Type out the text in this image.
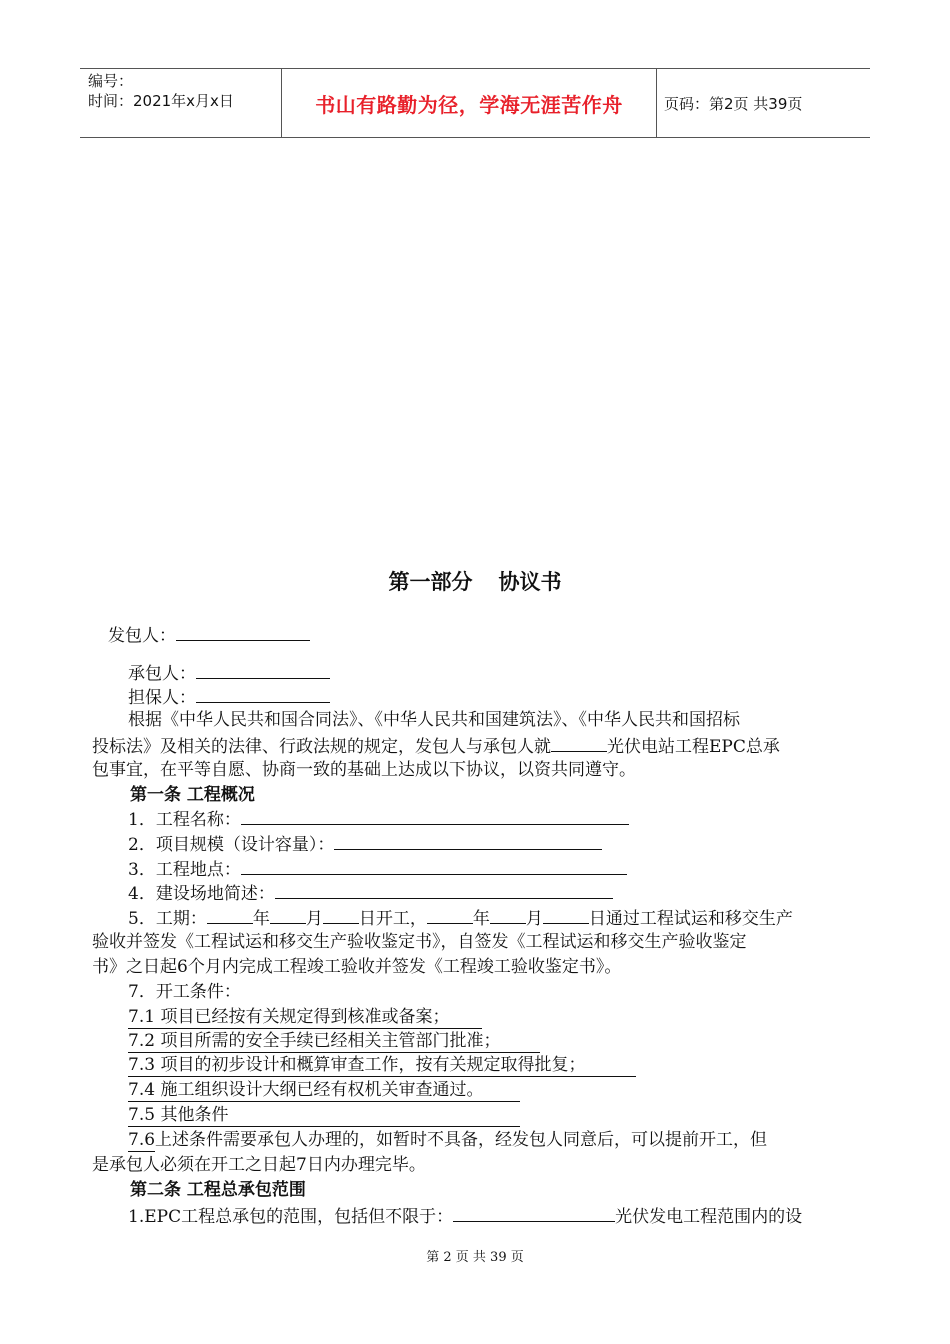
编号：
时间：2021年x月x日	书山有路勤为径，学海无涯苦作舟	页码：第2页 共39页
第一部分 协议书
发包人：
承包人：
担保人：
根据《中华人民共和国合同法》、《中华人民共和国建筑法》、《中华人民共和国招标
投标法》及相关的法律、行政法规的规定，发包人与承包人就	光伏电站工程EPC总承
包事宜，在平等自愿、协商一致的基础上达成以下协议，以资共同遵守。
第一条 工程概况
1．工程名称：
2．项目规模（设计容量）：
3．工程地点：
4．建设场地简述：
5．工期：	年 月 日开工，	年 月	日通过工程试运和移交生产
验收并签发《工程试运和移交生产验收鉴定书》，自签发《工程试运和移交生产验收鉴定
书》之日起6个月内完成工程竣工验收并签发《工程竣工验收鉴定书》。
7．开工条件：
7.1 项目已经按有关规定得到核准或备案；
7.2 项目所需的安全手续已经相关主管部门批准；
7.3 项目的初步设计和概算审查工作，按有关规定取得批复；
7.4 施工组织设计大纲已经有权机关审查通过。
7.5 其他条件
7.6上述条件需要承包人办理的，如暂时不具备，经发包人同意后，可以提前开工，但
是承包人必须在开工之日起7日内办理完毕。
第二条 工程总承包范围
1.EPC工程总承包的范围，包括但不限于：	光伏发电工程范围内的设
第 2 页 共 39 页
